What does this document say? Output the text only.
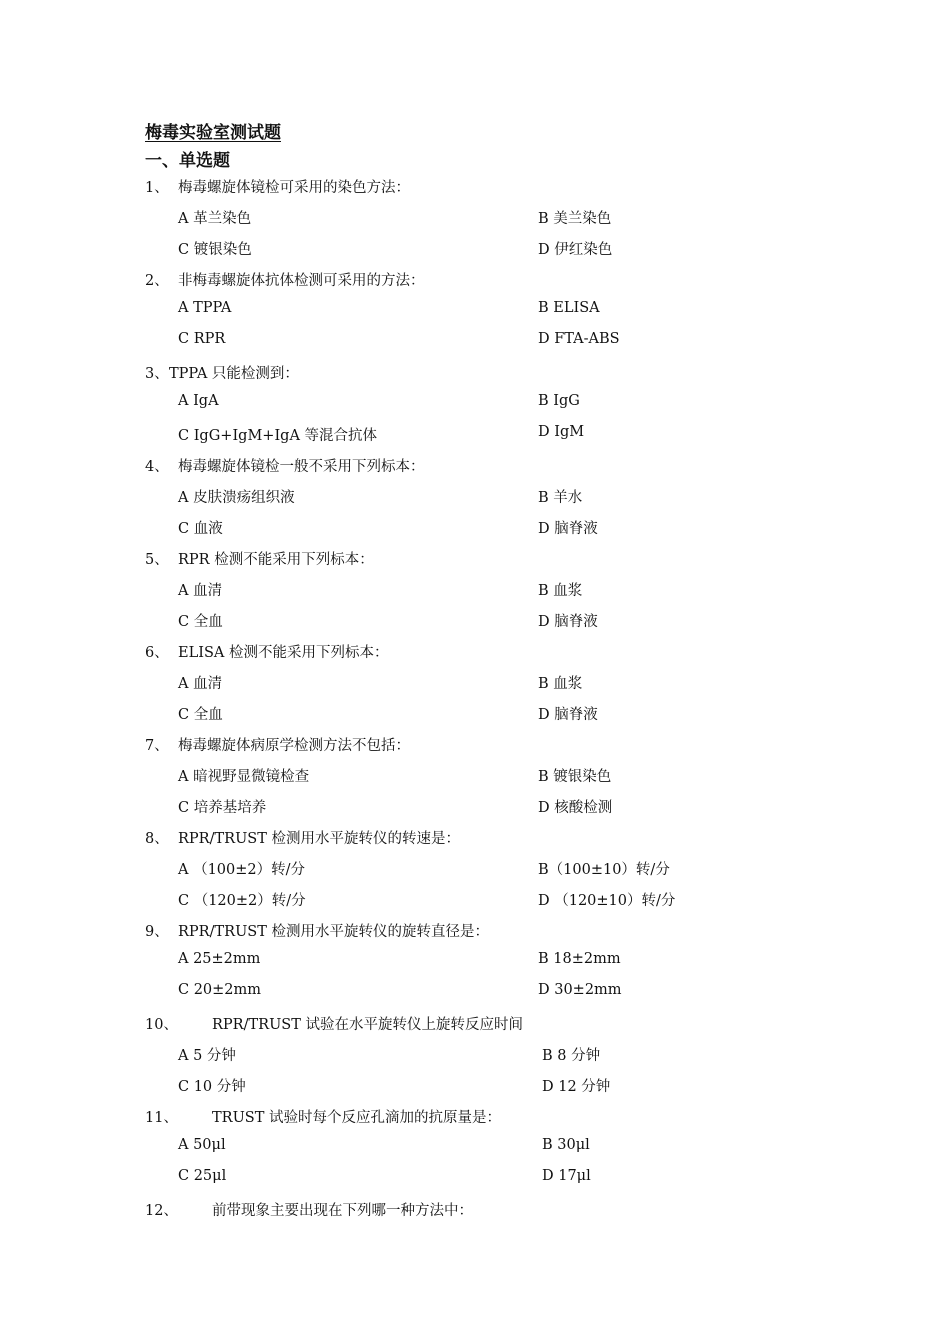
梅毒实验室测试题
一、单选题
1、 梅毒螺旋体镜检可采用的染色方法：
A 革兰染色	B 美兰染色
C 镀银染色	D 伊红染色
2、 非梅毒螺旋体抗体检测可采用的方法：
A TPPA	B ELISA
C RPR	D FTA-ABS
3、 TPPA 只能检测到：
A IgA	B IgG
C IgG+IgM+IgA 等混合抗体	D IgM
4、 梅毒螺旋体镜检一般不采用下列标本：
A 皮肤溃疡组织液	B 羊水
C 血液	D 脑脊液
5、 RPR 检测不能采用下列标本：
A 血清	B 血浆
C 全血	D 脑脊液
6、 ELISA 检测不能采用下列标本：
A 血清	B 血浆
C 全血	D 脑脊液
7、 梅毒螺旋体病原学检测方法不包括：
A 暗视野显微镜检查	B 镀银染色
C 培养基培养	D 核酸检测
8、 RPR/TRUST 检测用水平旋转仪的转速是：
A （100±2）转/分	B（100±10）转/分
C （120±2）转/分	D （120±10）转/分
9、 RPR/TRUST 检测用水平旋转仪的旋转直径是：
A 25±2mm	B 18±2mm
C 20±2mm	D 30±2mm
10、 RPR/TRUST 试验在水平旋转仪上旋转反应时间
A 5 分钟	B 8 分钟
C 10 分钟	D 12 分钟
11、 TRUST 试验时每个反应孔滴加的抗原量是：
A 50μl	B 30μl
C 25μl	D 17μl
12、 前带现象主要出现在下列哪一种方法中：
